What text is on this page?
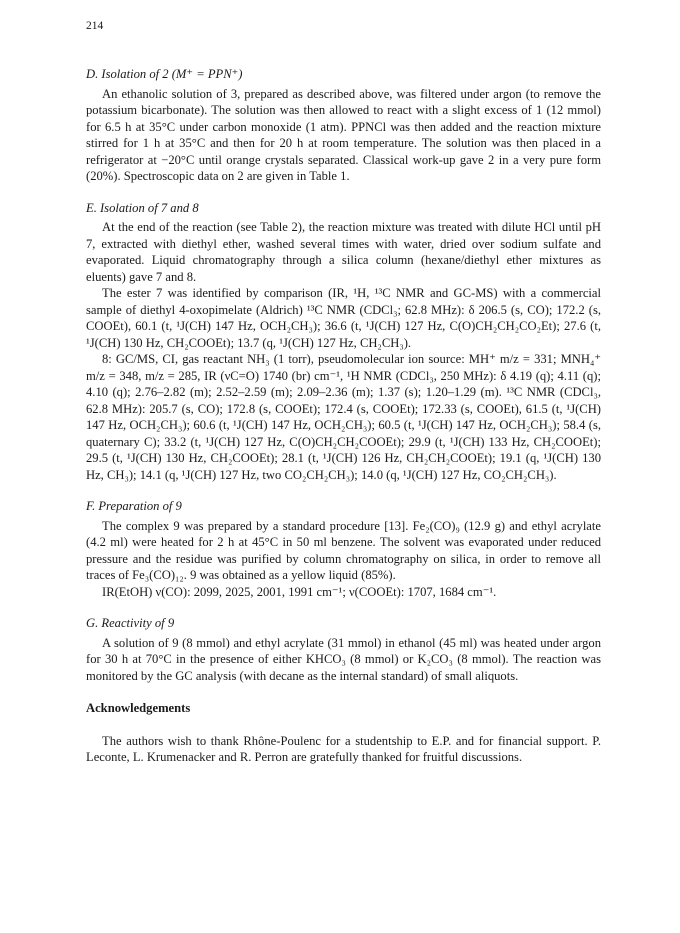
214
D. Isolation of 2 (M⁺ = PPN⁺)

An ethanolic solution of 3, prepared as described above, was filtered under argon (to remove the potassium bicarbonate). The solution was then allowed to react with a slight excess of 1 (12 mmol) for 6.5 h at 35°C under carbon monoxide (1 atm). PPNCl was then added and the reaction mixture stirred for 1 h at 35°C and then for 20 h at room temperature. The solution was then placed in a refrigerator at −20°C until orange crystals separated. Classical work-up gave 2 in a very pure form (20%). Spectroscopic data on 2 are given in Table 1.

E. Isolation of 7 and 8

At the end of the reaction (see Table 2), the reaction mixture was treated with dilute HCl until pH 7, extracted with diethyl ether, washed several times with water, dried over sodium sulfate and evaporated. Liquid chromatography through a silica column (hexane/diethyl ether mixtures as eluents) gave 7 and 8.

The ester 7 was identified by comparison (IR, ¹H, ¹³C NMR and GC-MS) with a commercial sample of diethyl 4-oxopimelate (Aldrich) ¹³C NMR (CDCl₃; 62.8 MHz): δ 206.5 (s, CO); 172.2 (s, COOEt), 60.1 (t, ¹J(CH) 147 Hz, OCH₂CH₃); 36.6 (t, ¹J(CH) 127 Hz, C(O)CH₂CH₂CO₂Et); 27.6 (t, ¹J(CH) 130 Hz, CH₂COOEt); 13.7 (q, ¹J(CH) 127 Hz, CH₂CH₃).

8: GC/MS, CI, gas reactant NH₃ (1 torr), pseudomolecular ion source: MH⁺ m/z = 331; MNH₄⁺ m/z = 348, m/z = 285, IR (νC=O) 1740 (br) cm⁻¹, ¹H NMR (CDCl₃, 250 MHz): δ 4.19 (q); 4.11 (q); 4.10 (q); 2.76–2.82 (m); 2.52–2.59 (m); 2.09–2.36 (m); 1.37 (s); 1.20–1.29 (m). ¹³C NMR (CDCl₃, 62.8 MHz): 205.7 (s, CO); 172.8 (s, COOEt); 172.4 (s, COOEt); 172.33 (s, COOEt), 61.5 (t, ¹J(CH) 147 Hz, OCH₂CH₃); 60.6 (t, ¹J(CH) 147 Hz, OCH₂CH₃); 60.5 (t, ¹J(CH) 147 Hz, OCH₂CH₃); 58.4 (s, quaternary C); 33.2 (t, ¹J(CH) 127 Hz, C(O)CH₂CH₂COOEt); 29.9 (t, ¹J(CH) 133 Hz, CH₂COOEt); 29.5 (t, ¹J(CH) 130 Hz, CH₂COOEt); 28.1 (t, ¹J(CH) 126 Hz, CH₂CH₂COOEt); 19.1 (q, ¹J(CH) 130 Hz, CH₃); 14.1 (q, ¹J(CH) 127 Hz, two CO₂CH₂CH₃); 14.0 (q, ¹J(CH) 127 Hz, CO₂CH₂CH₃).

F. Preparation of 9

The complex 9 was prepared by a standard procedure [13]. Fe₂(CO)₉ (12.9 g) and ethyl acrylate (4.2 ml) were heated for 2 h at 45°C in 50 ml benzene. The solvent was evaporated under reduced pressure and the residue was purified by column chromatography on silica, in order to remove all traces of Fe₃(CO)₁₂. 9 was obtained as a yellow liquid (85%).

IR(EtOH) ν(CO): 2099, 2025, 2001, 1991 cm⁻¹; ν(COOEt): 1707, 1684 cm⁻¹.

G. Reactivity of 9

A solution of 9 (8 mmol) and ethyl acrylate (31 mmol) in ethanol (45 ml) was heated under argon for 30 h at 70°C in the presence of either KHCO₃ (8 mmol) or K₂CO₃ (8 mmol). The reaction was monitored by the GC analysis (with decane as the internal standard) of small aliquots.

Acknowledgements

The authors wish to thank Rhône-Poulenc for a studentship to E.P. and for financial support. P. Leconte, L. Krumenacker and R. Perron are gratefully thanked for fruitful discussions.
